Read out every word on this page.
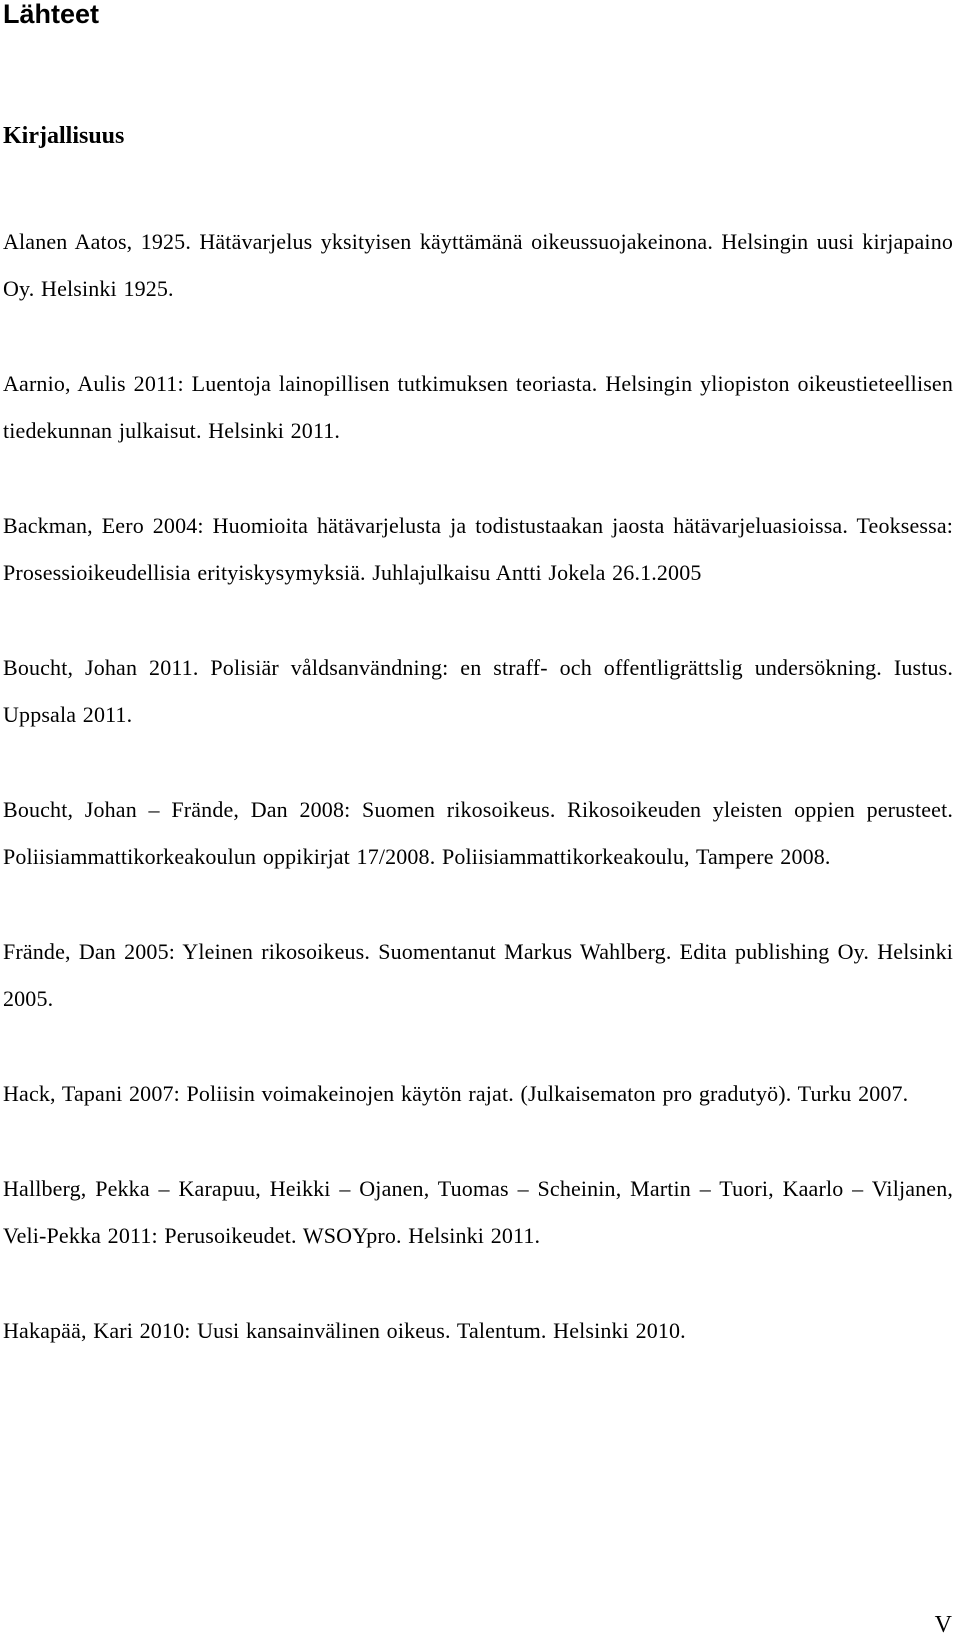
Lähteet
Kirjallisuus
Alanen Aatos, 1925. Hätävarjelus yksityisen käyttämänä oikeussuojakeinona. Helsingin uusi kirjapaino Oy. Helsinki 1925.
Aarnio, Aulis 2011: Luentoja lainopillisen tutkimuksen teoriasta. Helsingin yliopiston oikeustieteellisen tiedekunnan julkaisut. Helsinki 2011.
Backman, Eero 2004: Huomioita hätävarjelusta ja todistustaakan jaosta hätävarjeluasioissa. Teoksessa: Prosessioikeudellisia erityiskysymyksiä. Juhlajulkaisu Antti Jokela 26.1.2005
Boucht, Johan 2011. Polisiär våldsanvändning: en straff- och offentligrättslig undersökning. Iustus. Uppsala 2011.
Boucht, Johan – Frände, Dan 2008: Suomen rikosoikeus. Rikosoikeuden yleisten oppien perusteet. Poliisiammattikorkeakoulun oppikirjat 17/2008. Poliisiammattikorkeakoulu, Tampere 2008.
Frände, Dan 2005: Yleinen rikosoikeus. Suomentanut Markus Wahlberg. Edita publishing Oy. Helsinki 2005.
Hack, Tapani 2007: Poliisin voimakeinojen käytön rajat. (Julkaisematon pro gradutyö). Turku 2007.
Hallberg, Pekka – Karapuu, Heikki – Ojanen, Tuomas – Scheinin, Martin – Tuori, Kaarlo – Viljanen, Veli-Pekka 2011: Perusoikeudet. WSOYpro. Helsinki 2011.
Hakapää, Kari 2010: Uusi kansainvälinen oikeus. Talentum. Helsinki 2010.
V
